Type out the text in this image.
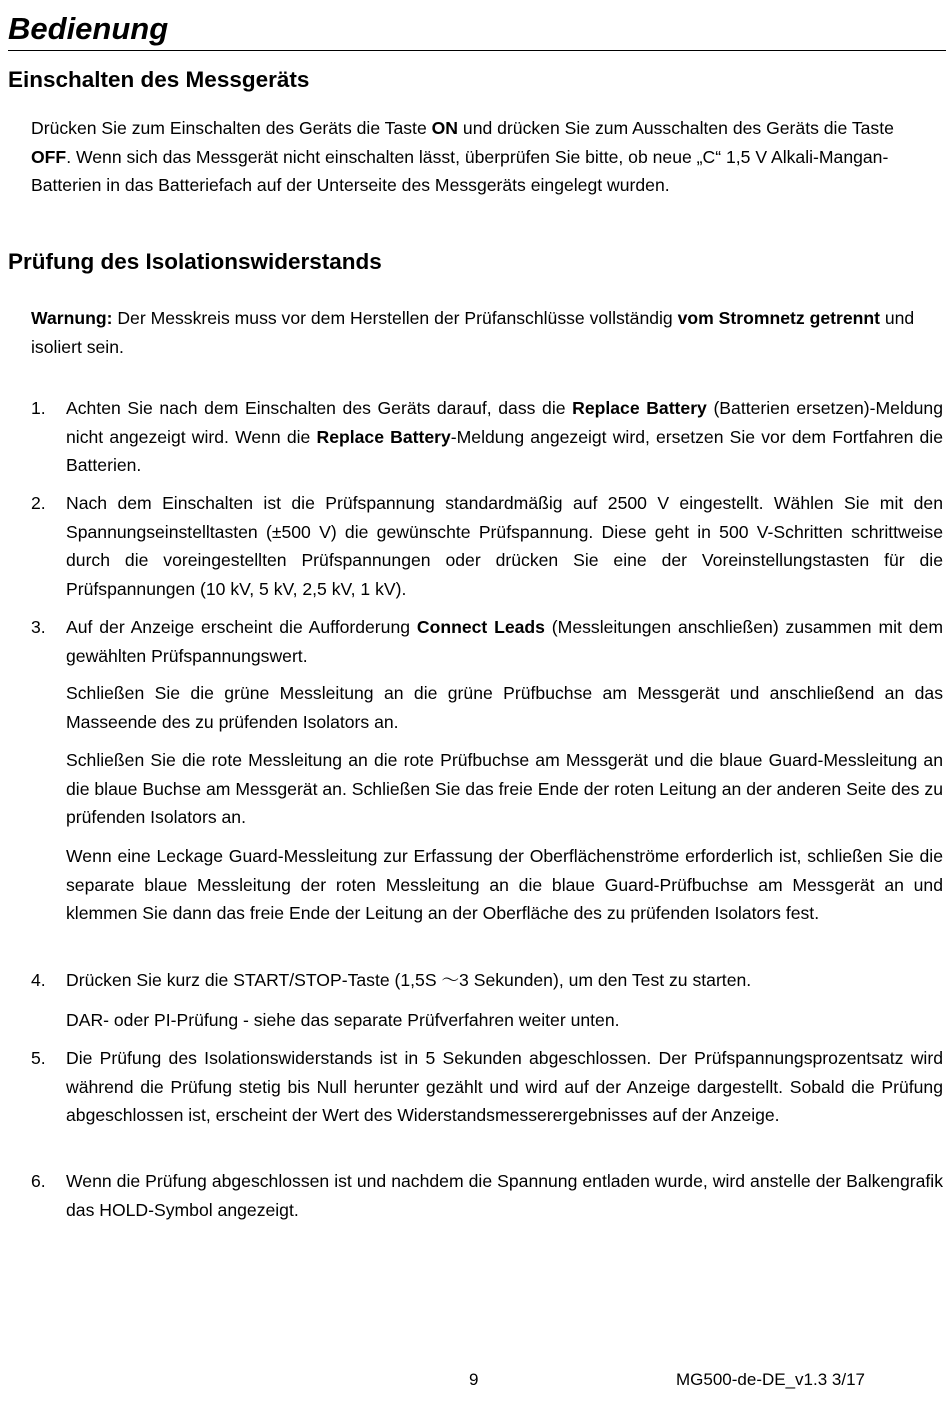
Bedienung
Einschalten des Messgeräts
Drücken Sie zum Einschalten des Geräts die Taste ON und drücken Sie zum Ausschalten des Geräts die Taste OFF. Wenn sich das Messgerät nicht einschalten lässt, überprüfen Sie bitte, ob neue „C“ 1,5 V Alkali-Mangan-Batterien in das Batteriefach auf der Unterseite des Messgeräts eingelegt wurden.
Prüfung des Isolationswiderstands
Warnung: Der Messkreis muss vor dem Herstellen der Prüfanschlüsse vollständig vom Stromnetz getrennt und isoliert sein.
1.	Achten Sie nach dem Einschalten des Geräts darauf, dass die Replace Battery (Batterien ersetzen)-Meldung nicht angezeigt wird. Wenn die Replace Battery-Meldung angezeigt wird, ersetzen Sie vor dem Fortfahren die Batterien.
2.	Nach dem Einschalten ist die Prüfspannung standardmäßig auf 2500 V eingestellt. Wählen Sie mit den Spannungseinstelltasten (±500 V) die gewünschte Prüfspannung. Diese geht in 500 V-Schritten schrittweise durch die voreingestellten Prüfspannungen oder drücken Sie eine der Voreinstellungstasten für die Prüfspannungen (10 kV, 5 kV, 2,5 kV, 1 kV).
3.	Auf der Anzeige erscheint die Aufforderung Connect Leads (Messleitungen anschließen) zusammen mit dem gewählten Prüfspannungswert.
Schließen Sie die grüne Messleitung an die grüne Prüfbuchse am Messgerät und anschließend an das Masseende des zu prüfenden Isolators an.
Schließen Sie die rote Messleitung an die rote Prüfbuchse am Messgerät und die blaue Guard-Messleitung an die blaue Buchse am Messgerät an. Schließen Sie das freie Ende der roten Leitung an der anderen Seite des zu prüfenden Isolators an.
Wenn eine Leckage Guard-Messleitung zur Erfassung der Oberflächenströme erforderlich ist, schließen Sie die separate blaue Messleitung der roten Messleitung an die blaue Guard-Prüfbuchse am Messgerät an und klemmen Sie dann das freie Ende der Leitung an der Oberfläche des zu prüfenden Isolators fest.
4.	Drücken Sie kurz die START/STOP-Taste (1,5S ～3 Sekunden), um den Test zu starten.
DAR- oder PI-Prüfung - siehe das separate Prüfverfahren weiter unten.
5.	Die Prüfung des Isolationswiderstands ist in 5 Sekunden abgeschlossen. Der Prüfspannungsprozentsatz wird während die Prüfung stetig bis Null herunter gezählt und wird auf der Anzeige dargestellt. Sobald die Prüfung abgeschlossen ist, erscheint der Wert des Widerstandsmesserergebnisses auf der Anzeige.
6.	Wenn die Prüfung abgeschlossen ist und nachdem die Spannung entladen wurde, wird anstelle der Balkengrafik das HOLD-Symbol angezeigt.
9	MG500-de-DE_v1.3 3/17
